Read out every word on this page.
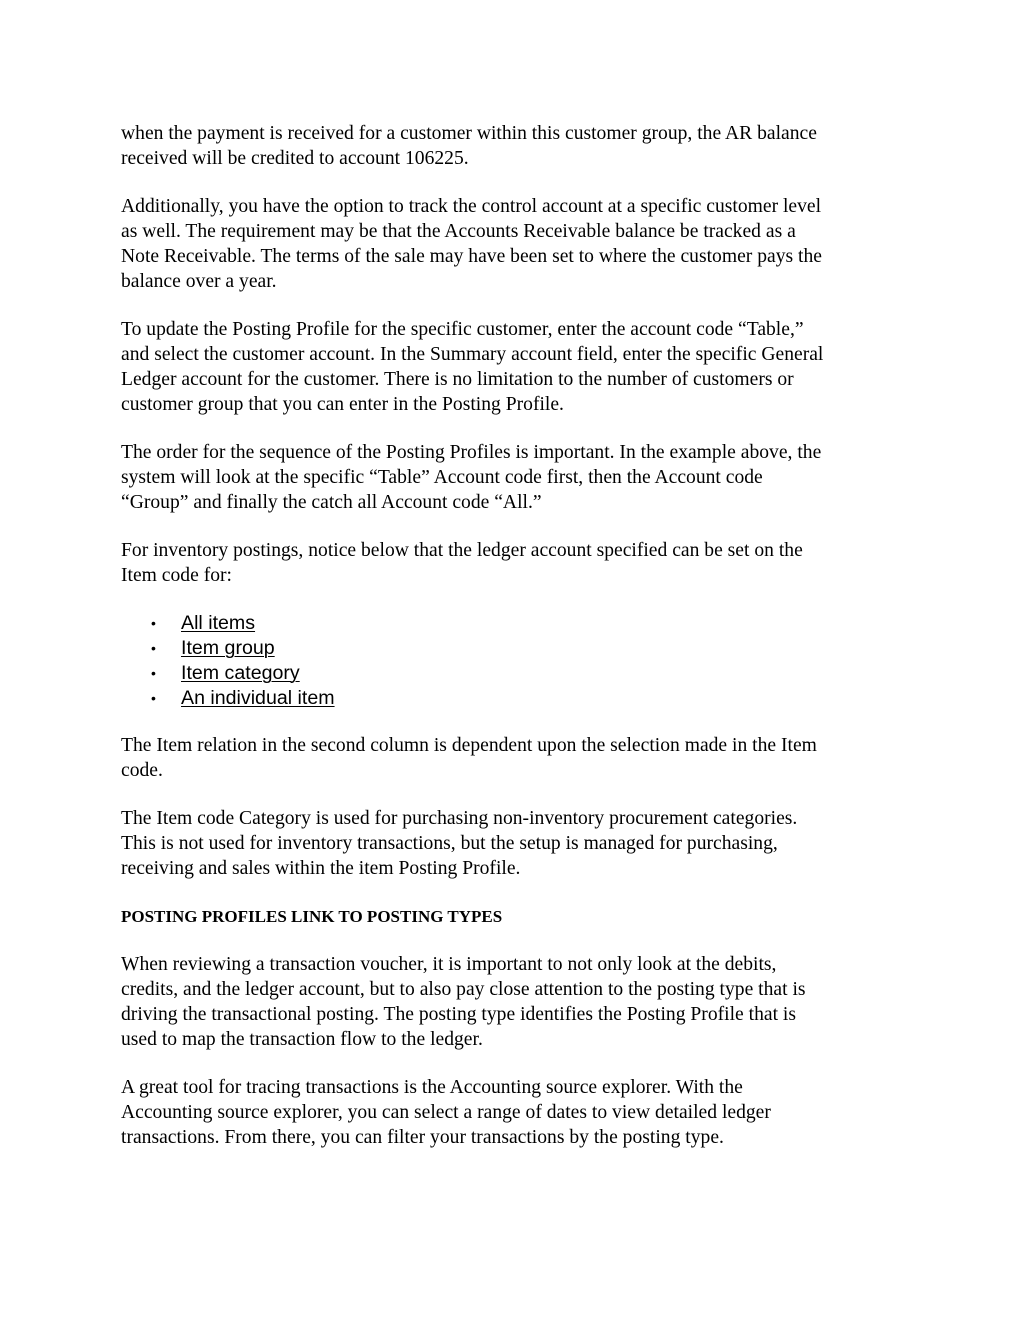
when the payment is received for a customer within this customer group, the AR balance
received will be credited to account 106225.

Additionally, you have the option to track the control account at a specific customer level
as well. The requirement may be that the Accounts Receivable balance be tracked as a
Note Receivable. The terms of the sale may have been set to where the customer pays the
balance over a year.

To update the Posting Profile for the specific customer, enter the account code “Table,”
and select the customer account. In the Summary account field, enter the specific General
Ledger account for the customer. There is no limitation to the number of customers or
customer group that you can enter in the Posting Profile.

The order for the sequence of the Posting Profiles is important. In the example above, the
system will look at the specific “Table” Account code first, then the Account code
“Group” and finally the catch all Account code “All.”

For inventory postings, notice below that the ledger account specified can be set on the
Item code for:

• All items
• Item group
• Item category
• An individual item

The Item relation in the second column is dependent upon the selection made in the Item
code.

The Item code Category is used for purchasing non-inventory procurement categories.
This is not used for inventory transactions, but the setup is managed for purchasing,
receiving and sales within the item Posting Profile.

POSTING PROFILES LINK TO POSTING TYPES

When reviewing a transaction voucher, it is important to not only look at the debits,
credits, and the ledger account, but to also pay close attention to the posting type that is
driving the transactional posting. The posting type identifies the Posting Profile that is
used to map the transaction flow to the ledger.

A great tool for tracing transactions is the Accounting source explorer. With the
Accounting source explorer, you can select a range of dates to view detailed ledger
transactions. From there, you can filter your transactions by the posting type.
